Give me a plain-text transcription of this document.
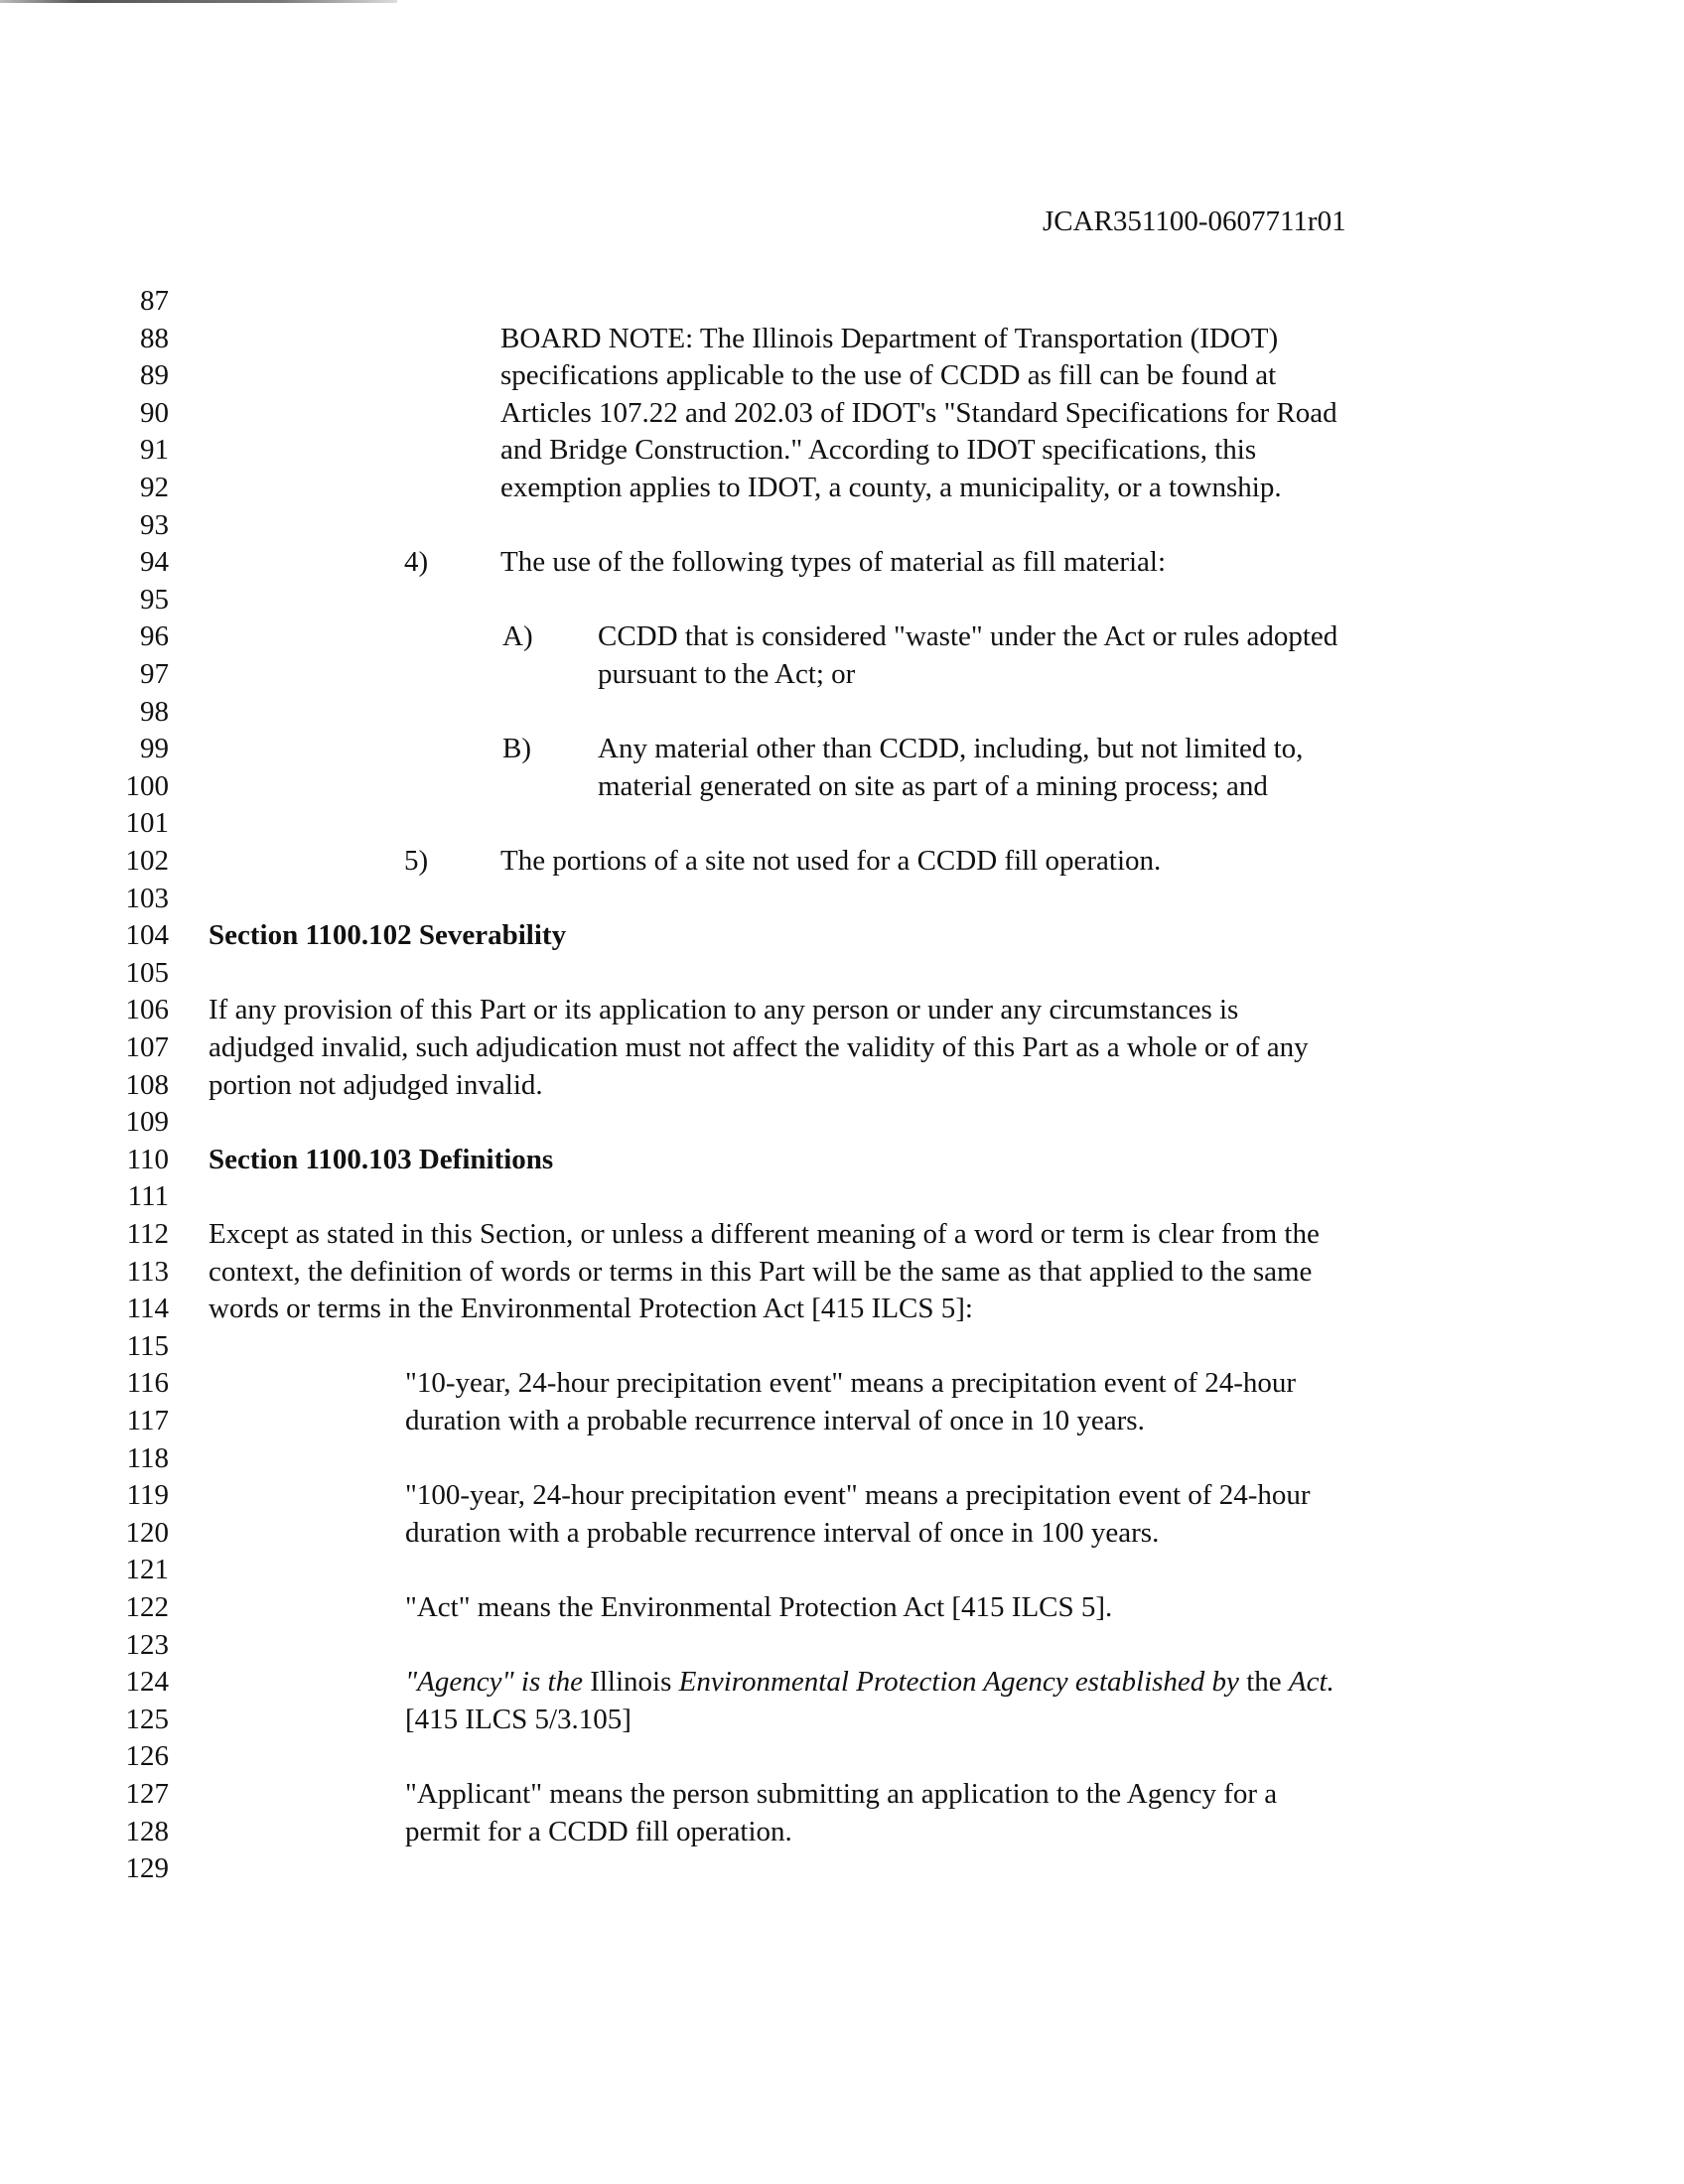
JCAR351100-0607711r01
87
88
89
90
91
92
93
94
95
96
97
98
99
100
101
102
103
104
105
106
107
108
109
110
111
112
113
114
115
116
117
118
119
120
121
122
123
124
125
126
127
128
129
BOARD NOTE: The Illinois Department of Transportation (IDOT)
specifications applicable to the use of CCDD as fill can be found at
Articles 107.22 and 202.03 of IDOT's "Standard Specifications for Road
and Bridge Construction." According to IDOT specifications, this
exemption applies to IDOT, a county, a municipality, or a township.
4)	The use of the following types of material as fill material:
A) CCDD that is considered "waste" under the Act or rules adopted
pursuant to the Act; or
B) Any material other than CCDD, including, but not limited to,
material generated on site as part of a mining process; and
5)	The portions of a site not used for a CCDD fill operation.
Section 1100.102 Severability
If any provision of this Part or its application to any person or under any circumstances is
adjudged invalid, such adjudication must not affect the validity of this Part as a whole or of any
portion not adjudged invalid.
Section 1100.103 Definitions
Except as stated in this Section, or unless a different meaning of a word or term is clear from the
context, the definition of words or terms in this Part will be the same as that applied to the same
words or terms in the Environmental Protection Act [415 ILCS 5]:
"10-year, 24-hour precipitation event" means a precipitation event of 24-hour
duration with a probable recurrence interval of once in 10 years.
"100-year, 24-hour precipitation event" means a precipitation event of 24-hour
duration with a probable recurrence interval of once in 100 years.
"Act" means the Environmental Protection Act [415 ILCS 5].
"Agency" is the Illinois Environmental Protection Agency established by the Act.
[415 ILCS 5/3.105]
"Applicant" means the person submitting an application to the Agency for a
permit for a CCDD fill operation.
